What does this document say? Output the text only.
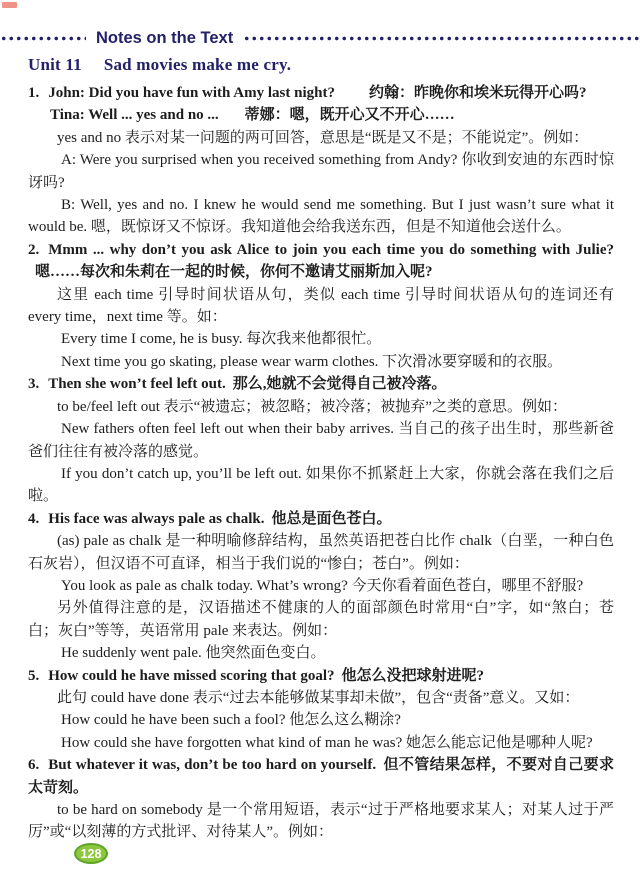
Notes on the Text

Unit 11 Sad movies make me cry.

1. John: Did you have fun with Amy last night? 约翰：昨晚你和埃米玩得开心吗?

Tina: Well ... yes and no ... 蒂娜：嗯，既开心又不开心……

yes and no 表示对某一问题的两可回答，意思是“既是又不是；不能说定”。例如：

A: Were you surprised when you received something from Andy? 你收到安迪的东西时惊讶吗?

B: Well, yes and no. I knew he would send me something. But I just wasn’t sure what it would be. 嗯，既惊讶又不惊讶。我知道他会给我送东西，但是不知道他会送什么。

2. Mmm ... why don’t you ask Alice to join you each time you do something with Julie?嗯……每次和朱莉在一起的时候，你何不邀请艾丽斯加入呢?

这里 each time 引导时间状语从句，类似 each time 引导时间状语从句的连词还有 every time，next time 等。如：

Every time I come, he is busy. 每次我来他都很忙。

Next time you go skating, please wear warm clothes. 下次滑冰要穿暖和的衣服。

3. Then she won’t feel left out. 那么,她就不会觉得自己被冷落。

to be/feel left out 表示“被遗忘；被忽略；被冷落；被抛弃”之类的意思。例如：

New fathers often feel left out when their baby arrives. 当自己的孩子出生时，那些新爸爸们往往有被冷落的感觉。

If you don’t catch up, you’ll be left out. 如果你不抓紧赶上大家，你就会落在我们之后啦。

4. His face was always pale as chalk. 他总是面色苍白。

(as) pale as chalk 是一种明喻修辞结构，虽然英语把苍白比作 chalk（白垩，一种白色石灰岩），但汉语不可直译，相当于我们说的“惨白；苍白”。例如：

You look as pale as chalk today. What’s wrong? 今天你看着面色苍白，哪里不舒服?

另外值得注意的是，汉语描述不健康的人的面部颜色时常用“白”字，如“煞白；苍白；灰白”等等，英语常用 pale 来表达。例如：

He suddenly went pale. 他突然面色变白。

5. How could he have missed scoring that goal? 他怎么没把球射进呢?

此句 could have done 表示“过去本能够做某事却未做”，包含“责备”意义。又如：

How could he have been such a fool? 他怎么这么糊涂?

How could she have forgotten what kind of man he was? 她怎么能忘记他是哪种人呢?

6. But whatever it was, don’t be too hard on yourself. 但不管结果怎样，不要对自己要求太苛刻。

to be hard on somebody 是一个常用短语，表示“过于严格地要求某人；对某人过于严厉”或“以刻薄的方式批评、对待某人”。例如：

128
